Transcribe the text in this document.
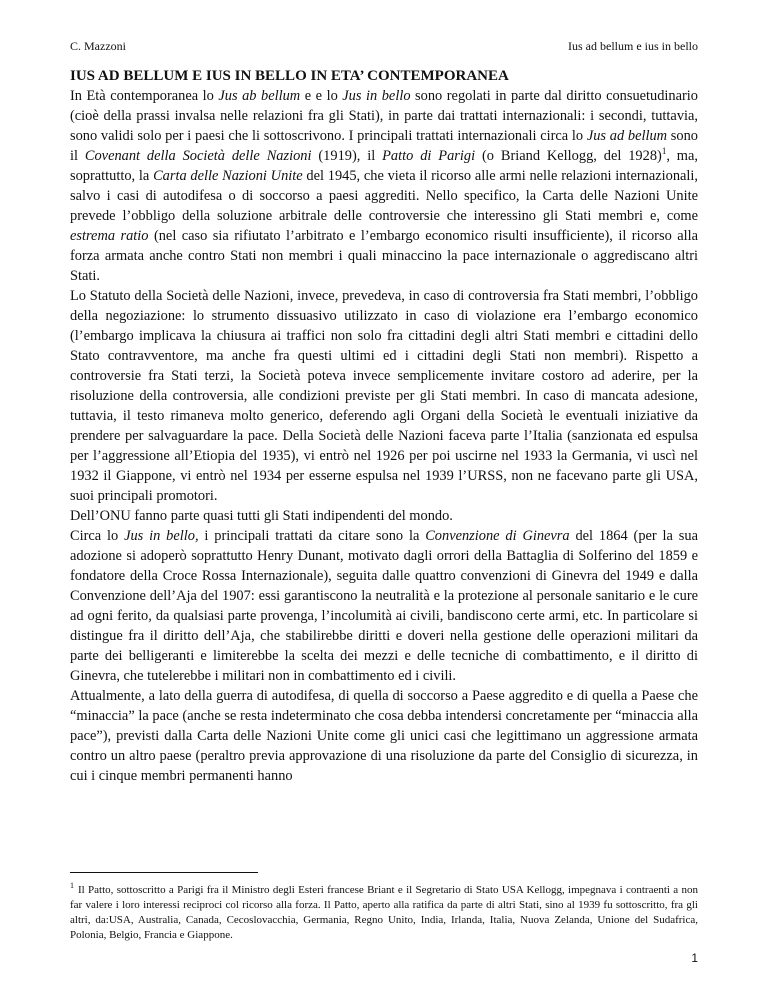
C. Mazzoni	Ius ad bellum e ius in bello
IUS AD BELLUM E IUS IN BELLO IN ETA’ CONTEMPORANEA

In Età contemporanea lo Jus ab bellum e e lo Jus in bello sono regolati in parte dal diritto consuetudinario (cioè della prassi invalsa nelle relazioni fra gli Stati), in parte dai trattati internazionali: i secondi, tuttavia, sono validi solo per i paesi che li sottoscrivono. I principali trattati internazionali circa lo Jus ad bellum sono il Covenant della Società delle Nazioni (1919), il Patto di Parigi (o Briand Kellogg, del 1928)$^1$, ma, soprattutto, la Carta delle Nazioni Unite del 1945, che vieta il ricorso alle armi nelle relazioni internazionali, salvo i casi di autodifesa o di soccorso a paesi aggrediti. Nello specifico, la Carta delle Nazioni Unite prevede l’obbligo della soluzione arbitrale delle controversie che interessino gli Stati membri e, come estrema ratio (nel caso sia rifiutato l’arbitrato e l’embargo economico risulti insufficiente), il ricorso alla forza armata anche contro Stati non membri i quali minaccino la pace internazionale o aggrediscano altri Stati.

Lo Statuto della Società delle Nazioni, invece, prevedeva, in caso di controversia fra Stati membri, l’obbligo della negoziazione: lo strumento dissuasivo utilizzato in caso di violazione era l’embargo economico (l’embargo implicava la chiusura ai traffici non solo fra cittadini degli altri Stati membri e cittadini dello Stato contravventore, ma anche fra questi ultimi ed i cittadini degli Stati non membri). Rispetto a controversie fra Stati terzi, la Società poteva invece semplicemente invitare costoro ad aderire, per la risoluzione della controversia, alle condizioni previste per gli Stati membri. In caso di mancata adesione, tuttavia, il testo rimaneva molto generico, deferendo agli Organi della Società le eventuali iniziative da prendere per salvaguardare la pace. Della Società delle Nazioni faceva parte l’Italia (sanzionata ed espulsa per l’aggressione all’Etiopia del 1935), vi entrò nel 1926 per poi uscirne nel 1933 la Germania, vi uscì nel 1932 il Giappone, vi entrò nel 1934 per esserne espulsa nel 1939 l’URSS, non ne facevano parte gli USA, suoi principali promotori.

Dell’ONU fanno parte quasi tutti gli Stati indipendenti del mondo.

Circa lo Jus in bello, i principali trattati da citare sono la Convenzione di Ginevra del 1864 (per la sua adozione si adoperò soprattutto Henry Dunant, motivato dagli orrori della Battaglia di Solferino del 1859 e fondatore della Croce Rossa Internazionale), seguita dalle quattro convenzioni di Ginevra del 1949 e dalla Convenzione dell’Aja del 1907: essi garantiscono la neutralità e la protezione al personale sanitario e le cure ad ogni ferito, da qualsiasi parte provenga, l’incolumità ai civili, bandiscono certe armi, etc. In particolare si distingue fra il diritto dell’Aja, che stabilirebbe diritti e doveri nella gestione delle operazioni militari da parte dei belligeranti e limiterebbe la scelta dei mezzi e delle tecniche di combattimento, e il diritto di Ginevra, che tutelerebbe i militari non in combattimento ed i civili.

Attualmente, a lato della guerra di autodifesa, di quella di soccorso a Paese aggredito e di quella a Paese che “minaccia” la pace (anche se resta indeterminato che cosa debba intendersi concretamente per “minaccia alla pace”), previsti dalla Carta delle Nazioni Unite come gli unici casi che legittimano un aggressione armata contro un altro paese (peraltro previa approvazione di una risoluzione da parte del Consiglio di sicurezza, in cui i cinque membri permanenti hanno

$^1$ Il Patto, sottoscritto a Parigi fra il Ministro degli Esteri francese Briant e il Segretario di Stato USA Kellogg, impegnava i contraenti a non far valere i loro interessi reciproci col ricorso alla forza. Il Patto, aperto alla ratifica da parte di altri Stati, sino al 1939 fu sottoscritto, fra gli altri, da:USA, Australia, Canada, Cecoslovacchia, Germania, Regno Unito, India, Irlanda, Italia, Nuova Zelanda, Unione del Sudafrica, Polonia, Belgio, Francia e Giappone.
1
